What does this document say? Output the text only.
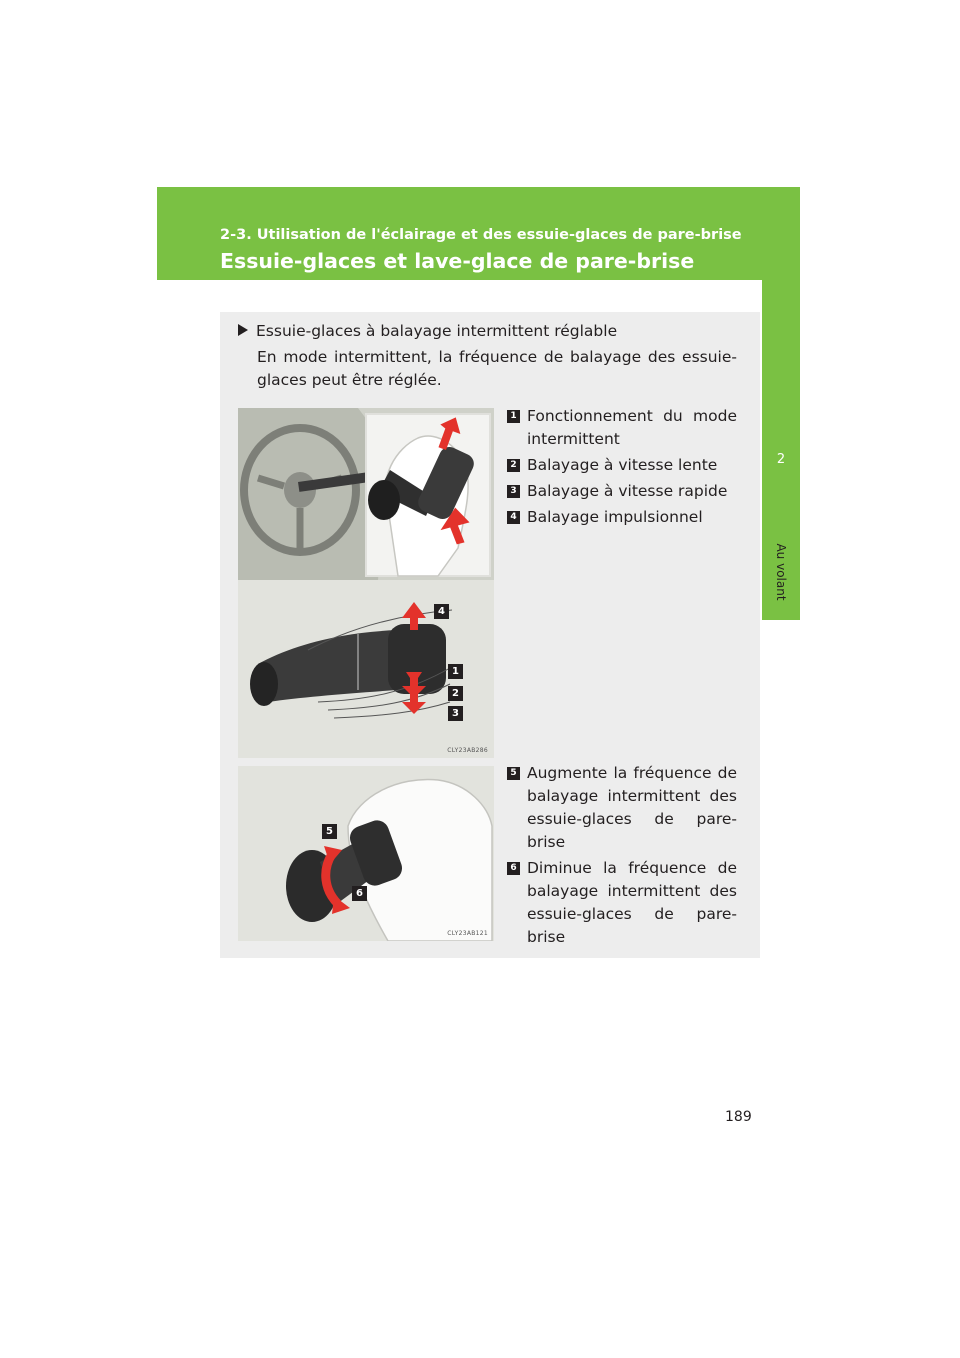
2-3. Utilisation de l'éclairage et des essuie-glaces de pare-brise
Essuie-glaces et lave-glace de pare-brise
2
Au volant
Essuie-glaces à balayage intermittent réglable
En mode intermittent, la fréquence de balayage des essuie-glaces peut être réglée.
4
1
2
3
CLY23AB286
5
6
CLY23AB121
1 Fonctionnement du mode intermittent
2 Balayage à vitesse lente
3 Balayage à vitesse rapide
4 Balayage impulsionnel
5 Augmente la fréquence de balayage intermittent des essuie-glaces de pare-brise
6 Diminue la fréquence de balayage intermittent des essuie-glaces de pare-brise
189
